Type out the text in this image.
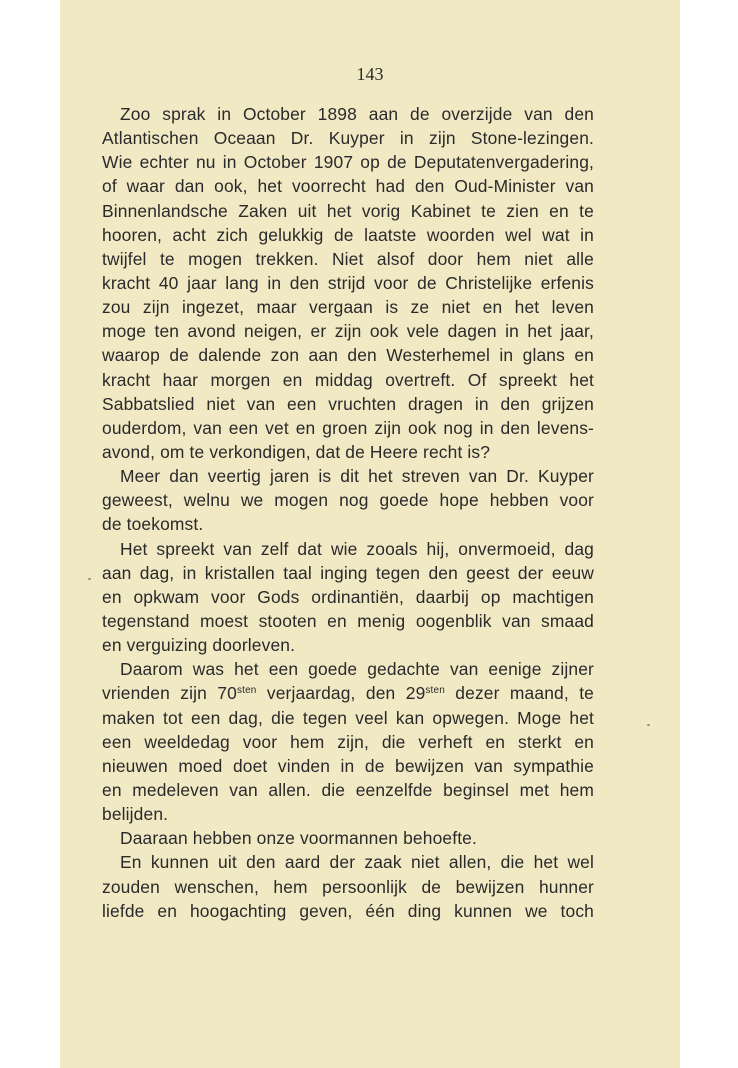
143
Zoo sprak in October 1898 aan de overzijde van den
Atlantischen Oceaan Dr. Kuyper in zijn Stone-lezingen.
Wie echter nu in October 1907 op de Deputatenvergadering,
of waar dan ook, het voorrecht had den Oud-Minister van
Binnenlandsche Zaken uit het vorig Kabinet te zien en te
hooren, acht zich gelukkig de laatste woorden wel wat in
twijfel te mogen trekken. Niet alsof door hem niet alle
kracht 40 jaar lang in den strijd voor de Christelijke erfenis
zou zijn ingezet, maar vergaan is ze niet en het leven
moge ten avond neigen, er zijn ook vele dagen in het jaar,
waarop de dalende zon aan den Westerhemel in glans en
kracht haar morgen en middag overtreft. Of spreekt het
Sabbatslied niet van een vruchten dragen in den grijzen
ouderdom, van een vet en groen zijn ook nog in den levens-
avond, om te verkondigen, dat de Heere recht is?
Meer dan veertig jaren is dit het streven van Dr. Kuyper
geweest, welnu we mogen nog goede hope hebben voor
de toekomst.
Het spreekt van zelf dat wie zooals hij, onvermoeid, dag
aan dag, in kristallen taal inging tegen den geest der eeuw
en opkwam voor Gods ordinantiën, daarbij op machtigen
tegenstand moest stooten en menig oogenblik van smaad
en verguizing doorleven.
Daarom was het een goede gedachte van eenige zijner
vrienden zijn $70^{sten}$ verjaardag, den $29^{sten}$ dezer maand, te
maken tot een dag, die tegen veel kan opwegen. Moge het
een weeldedag voor hem zijn, die verheft en sterkt en
nieuwen moed doet vinden in de bewijzen van sympathie
en medeleven van allen. die eenzelfde beginsel met hem
belijden.
Daaraan hebben onze voormannen behoefte.
En kunnen uit den aard der zaak niet allen, die het wel
zouden wenschen, hem persoonlijk de bewijzen hunner
liefde en hoogachting geven, één ding kunnen we toch
